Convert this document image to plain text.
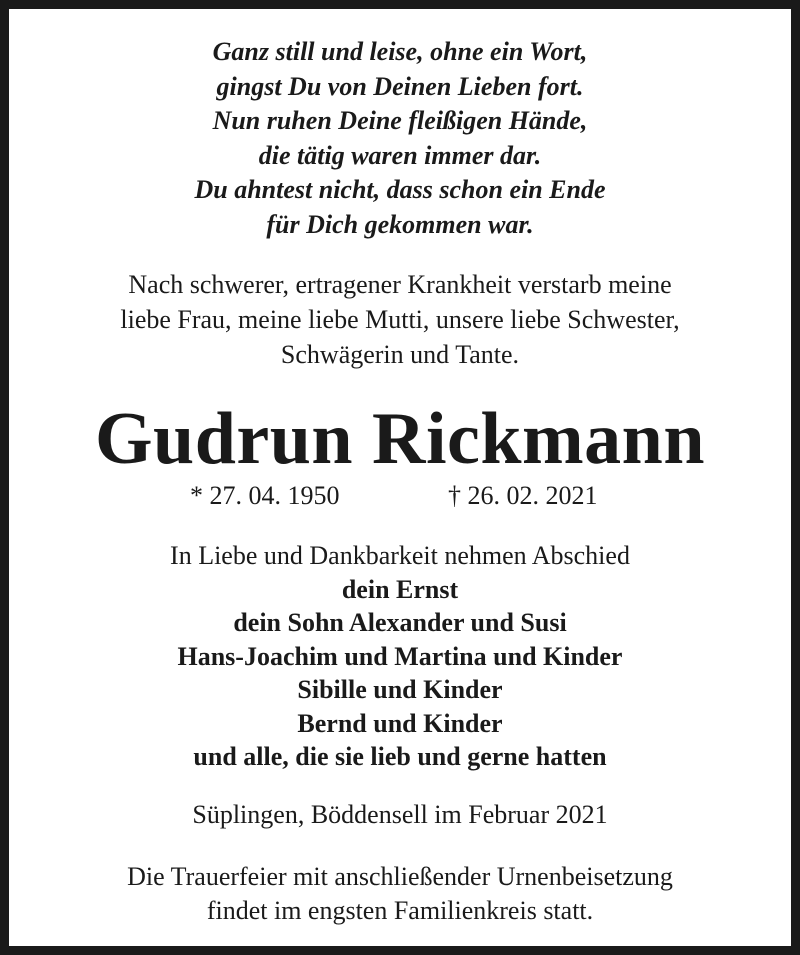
Ganz still und leise, ohne ein Wort,
gingst Du von Deinen Lieben fort.
Nun ruhen Deine fleißigen Hände,
die tätig waren immer dar.
Du ahntest nicht, dass schon ein Ende
für Dich gekommen war.
Nach schwerer, ertragener Krankheit verstarb meine
liebe Frau, meine liebe Mutti, unsere liebe Schwester,
Schwägerin und Tante.
Gudrun Rickmann
* 27. 04. 1950	† 26. 02. 2021
In Liebe und Dankbarkeit nehmen Abschied
dein Ernst
dein Sohn Alexander und Susi
Hans-Joachim und Martina und Kinder
Sibille und Kinder
Bernd und Kinder
und alle, die sie lieb und gerne hatten
Süplingen, Böddensell im Februar 2021
Die Trauerfeier mit anschließender Urnenbeisetzung
findet im engsten Familienkreis statt.
